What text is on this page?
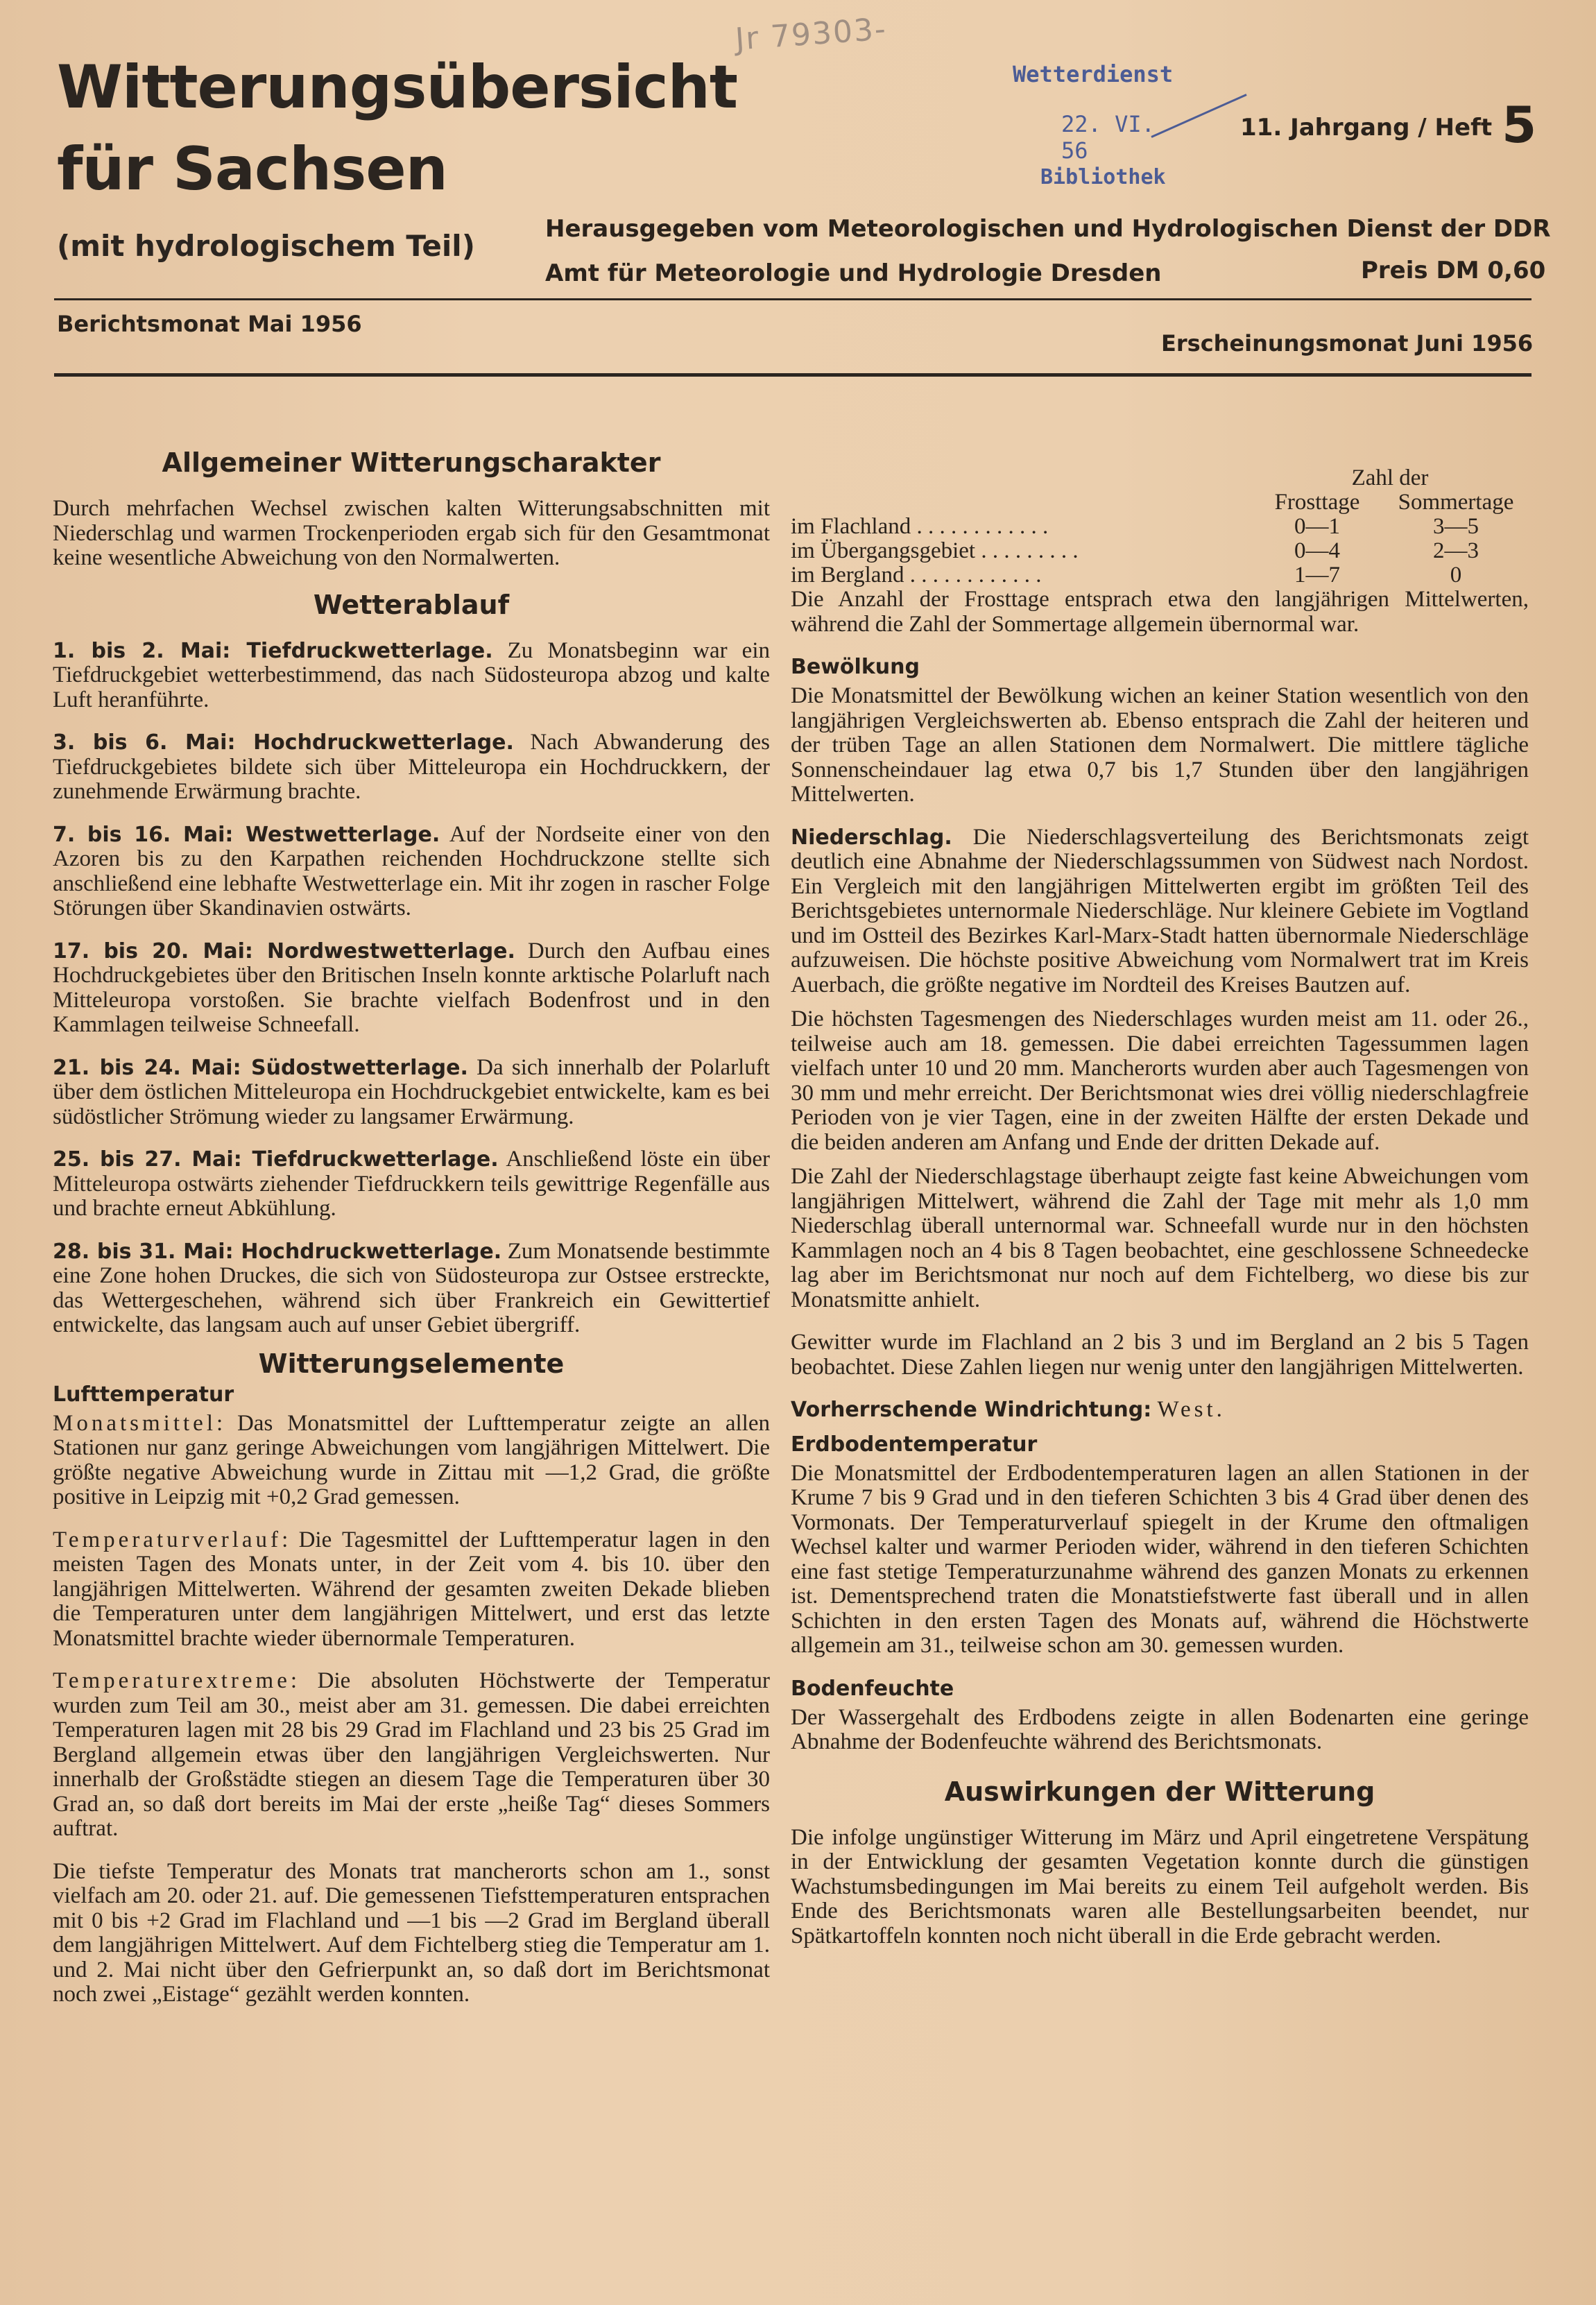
Jr 79303-
Witterungsübersicht
für Sachsen
(mit hydrologischem Teil)
Wetterdienst
22. VI. 56
Bibliothek
11. Jahrgang / Heft 5
Herausgegeben vom Meteorologischen und Hydrologischen Dienst der DDR
Amt für Meteorologie und Hydrologie Dresden	Preis DM 0,60
Berichtsmonat Mai 1956
Erscheinungsmonat Juni 1956
Allgemeiner Witterungscharakter

Durch mehrfachen Wechsel zwischen kalten Witterungsabschnitten mit Niederschlag und warmen Trockenperioden ergab sich für den Gesamtmonat keine wesentliche Abweichung von den Normalwerten.

Wetterablauf

1. bis 2. Mai: Tiefdruckwetterlage. Zu Monatsbeginn war ein Tiefdruckgebiet wetterbestimmend, das nach Südosteuropa abzog und kalte Luft heranführte.

3. bis 6. Mai: Hochdruckwetterlage. Nach Abwanderung des Tiefdruckgebietes bildete sich über Mitteleuropa ein Hochdruckkern, der zunehmende Erwärmung brachte.

7. bis 16. Mai: Westwetterlage. Auf der Nordseite einer von den Azoren bis zu den Karpathen reichenden Hochdruckzone stellte sich anschließend eine lebhafte Westwetterlage ein. Mit ihr zogen in rascher Folge Störungen über Skandinavien ostwärts.

17. bis 20. Mai: Nordwestwetterlage. Durch den Aufbau eines Hochdruckgebietes über den Britischen Inseln konnte arktische Polarluft nach Mitteleuropa vorstoßen. Sie brachte vielfach Bodenfrost und in den Kammlagen teilweise Schneefall.

21. bis 24. Mai: Südostwetterlage. Da sich innerhalb der Polarluft über dem östlichen Mitteleuropa ein Hochdruckgebiet entwickelte, kam es bei südöstlicher Strömung wieder zu langsamer Erwärmung.

25. bis 27. Mai: Tiefdruckwetterlage. Anschließend löste ein über Mitteleuropa ostwärts ziehender Tiefdruckkern teils gewittrige Regenfälle aus und brachte erneut Abkühlung.

28. bis 31. Mai: Hochdruckwetterlage. Zum Monatsende bestimmte eine Zone hohen Druckes, die sich von Südosteuropa zur Ostsee erstreckte, das Wettergeschehen, während sich über Frankreich ein Gewittertief entwickelte, das langsam auch auf unser Gebiet übergriff.

Witterungselemente
Lufttemperatur

Monatsmittel: Das Monatsmittel der Lufttemperatur zeigte an allen Stationen nur ganz geringe Abweichungen vom langjährigen Mittelwert. Die größte negative Abweichung wurde in Zittau mit —1,2 Grad, die größte positive in Leipzig mit +0,2 Grad gemessen.

Temperaturverlauf: Die Tagesmittel der Lufttemperatur lagen in den meisten Tagen des Monats unter, in der Zeit vom 4. bis 10. über den langjährigen Mittelwerten. Während der gesamten zweiten Dekade blieben die Temperaturen unter dem langjährigen Mittelwert, und erst das letzte Monatsmittel brachte wieder übernormale Temperaturen.

Temperaturextreme: Die absoluten Höchstwerte der Temperatur wurden zum Teil am 30., meist aber am 31. gemessen. Die dabei erreichten Temperaturen lagen mit 28 bis 29 Grad im Flachland und 23 bis 25 Grad im Bergland allgemein etwas über den langjährigen Vergleichswerten. Nur innerhalb der Großstädte stiegen an diesem Tage die Temperaturen über 30 Grad an, so daß dort bereits im Mai der erste „heiße Tag“ dieses Sommers auftrat.

Die tiefste Temperatur des Monats trat mancherorts schon am 1., sonst vielfach am 20. oder 21. auf. Die gemessenen Tiefsttemperaturen entsprachen mit 0 bis +2 Grad im Flachland und —1 bis —2 Grad im Bergland überall dem langjährigen Mittelwert. Auf dem Fichtelberg stieg die Temperatur am 1. und 2. Mai nicht über den Gefrierpunkt an, so daß dort im Berichtsmonat noch zwei „Eistage“ gezählt werden konnten.

	Zahl der	
	Frosttage	Sommertage
im Flachland . . . . . . . . . . . .	0—1	3—5
im Übergangsgebiet . . . . . . . . .	0—4	2—3
im Bergland . . . . . . . . . . . .	1—7	0

Die Anzahl der Frosttage entsprach etwa den langjährigen Mittelwerten, während die Zahl der Sommertage allgemein übernormal war.

Bewölkung

Die Monatsmittel der Bewölkung wichen an keiner Station wesentlich von den langjährigen Vergleichswerten ab. Ebenso entsprach die Zahl der heiteren und der trüben Tage an allen Stationen dem Normalwert. Die mittlere tägliche Sonnenscheindauer lag etwa 0,7 bis 1,7 Stunden über den langjährigen Mittelwerten.

Niederschlag. Die Niederschlagsverteilung des Berichtsmonats zeigt deutlich eine Abnahme der Niederschlagssummen von Südwest nach Nordost. Ein Vergleich mit den langjährigen Mittelwerten ergibt im größten Teil des Berichtsgebietes unternormale Niederschläge. Nur kleinere Gebiete im Vogtland und im Ostteil des Bezirkes Karl-Marx-Stadt hatten übernormale Niederschläge aufzuweisen. Die höchste positive Abweichung vom Normalwert trat im Kreis Auerbach, die größte negative im Nordteil des Kreises Bautzen auf.

Die höchsten Tagesmengen des Niederschlages wurden meist am 11. oder 26., teilweise auch am 18. gemessen. Die dabei erreichten Tagessummen lagen vielfach unter 10 und 20 mm. Mancherorts wurden aber auch Tagesmengen von 30 mm und mehr erreicht. Der Berichtsmonat wies drei völlig niederschlagfreie Perioden von je vier Tagen, eine in der zweiten Hälfte der ersten Dekade und die beiden anderen am Anfang und Ende der dritten Dekade auf.

Die Zahl der Niederschlagstage überhaupt zeigte fast keine Abweichungen vom langjährigen Mittelwert, während die Zahl der Tage mit mehr als 1,0 mm Niederschlag überall unternormal war. Schneefall wurde nur in den höchsten Kammlagen noch an 4 bis 8 Tagen beobachtet, eine geschlossene Schneedecke lag aber im Berichtsmonat nur noch auf dem Fichtelberg, wo diese bis zur Monatsmitte anhielt.

Gewitter wurde im Flachland an 2 bis 3 und im Bergland an 2 bis 5 Tagen beobachtet. Diese Zahlen liegen nur wenig unter den langjährigen Mittelwerten.

Vorherrschende Windrichtung: West.

Erdbodentemperatur

Die Monatsmittel der Erdbodentemperaturen lagen an allen Stationen in der Krume 7 bis 9 Grad und in den tieferen Schichten 3 bis 4 Grad über denen des Vormonats. Der Temperaturverlauf spiegelt in der Krume den oftmaligen Wechsel kalter und warmer Perioden wider, während in den tieferen Schichten eine fast stetige Temperaturzunahme während des ganzen Monats zu erkennen ist. Dementsprechend traten die Monatstiefstwerte fast überall und in allen Schichten in den ersten Tagen des Monats auf, während die Höchstwerte allgemein am 31., teilweise schon am 30. gemessen wurden.

Bodenfeuchte

Der Wassergehalt des Erdbodens zeigte in allen Bodenarten eine geringe Abnahme der Bodenfeuchte während des Berichtsmonats.

Auswirkungen der Witterung

Die infolge ungünstiger Witterung im März und April eingetretene Verspätung in der Entwicklung der gesamten Vegetation konnte durch die günstigen Wachstumsbedingungen im Mai bereits zu einem Teil aufgeholt werden. Bis Ende des Berichtsmonats waren alle Bestellungsarbeiten beendet, nur Spätkartoffeln konnten noch nicht überall in die Erde gebracht werden.
